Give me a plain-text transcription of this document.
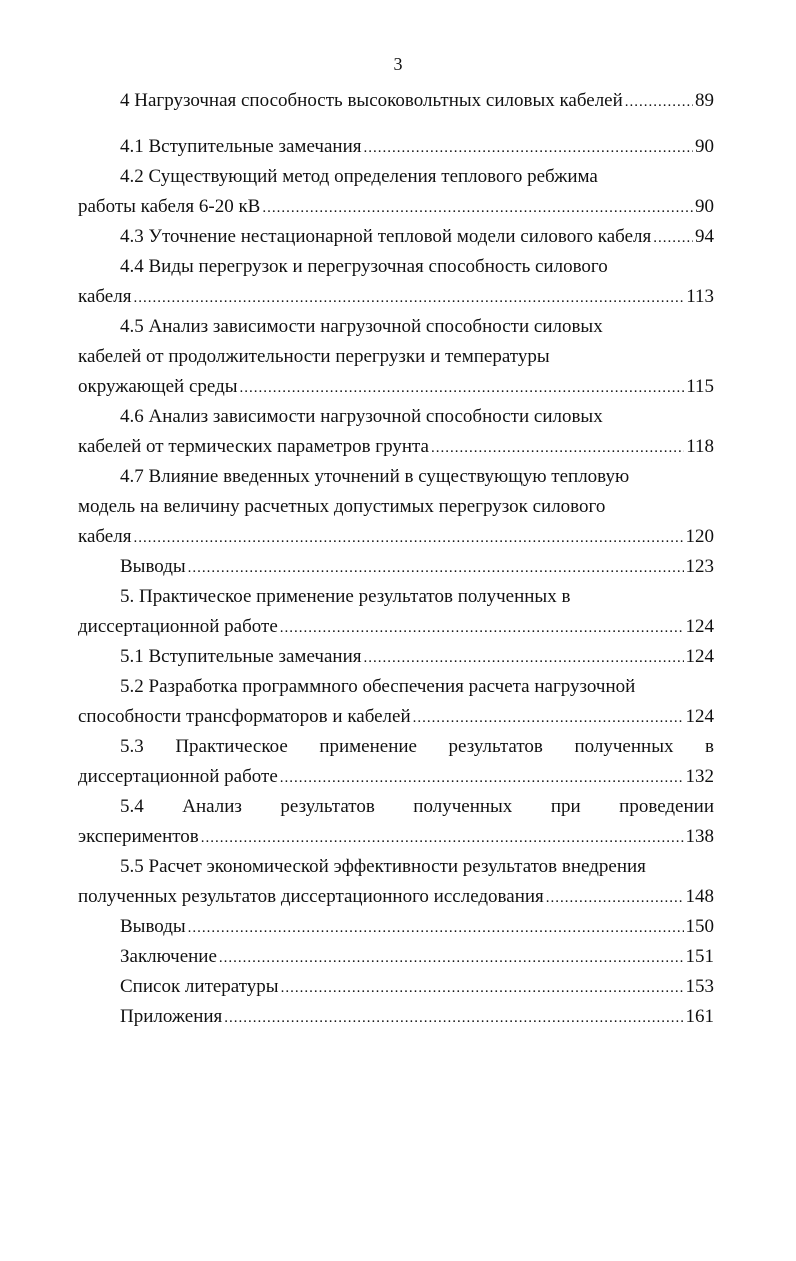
3
4 Нагрузочная способность высоковольтных силовых кабелей .....	89
4.1 Вступительные замечания .....	90
4.2 Существующий метод определения теплового ребжима
работы кабеля 6-20 кВ .....	90
4.3 Уточнение нестационарной тепловой модели силового кабеля ..... 94
4.4 Виды перегрузок и перегрузочная способность силового
кабеля .....	113
4.5 Анализ зависимости нагрузочной способности силовых
кабелей от продолжительности перегрузки и температуры
окружающей среды .....	115
4.6 Анализ зависимости нагрузочной способности силовых
кабелей от термических параметров грунта .....	118
4.7 Влияние введенных уточнений в существующую тепловую
модель на величину расчетных допустимых перегрузок силового
кабеля .....	120
Выводы .....	123
5. Практическое применение результатов полученных в
диссертационной работе .....	124
5.1 Вступительные замечания .....	124
5.2 Разработка программного обеспечения расчета нагрузочной
способности трансформаторов и кабелей .....	124
5.3 Практическое применение результатов полученных в
диссертационной работе .....	132
5.4 Анализ результатов полученных при проведении
экспериментов .....	138
5.5 Расчет экономической эффективности результатов внедрения
полученных результатов диссертационного исследования .....	148
Выводы .....	150
Заключение .....	151
Список литературы .....	153
Приложения .....	161
